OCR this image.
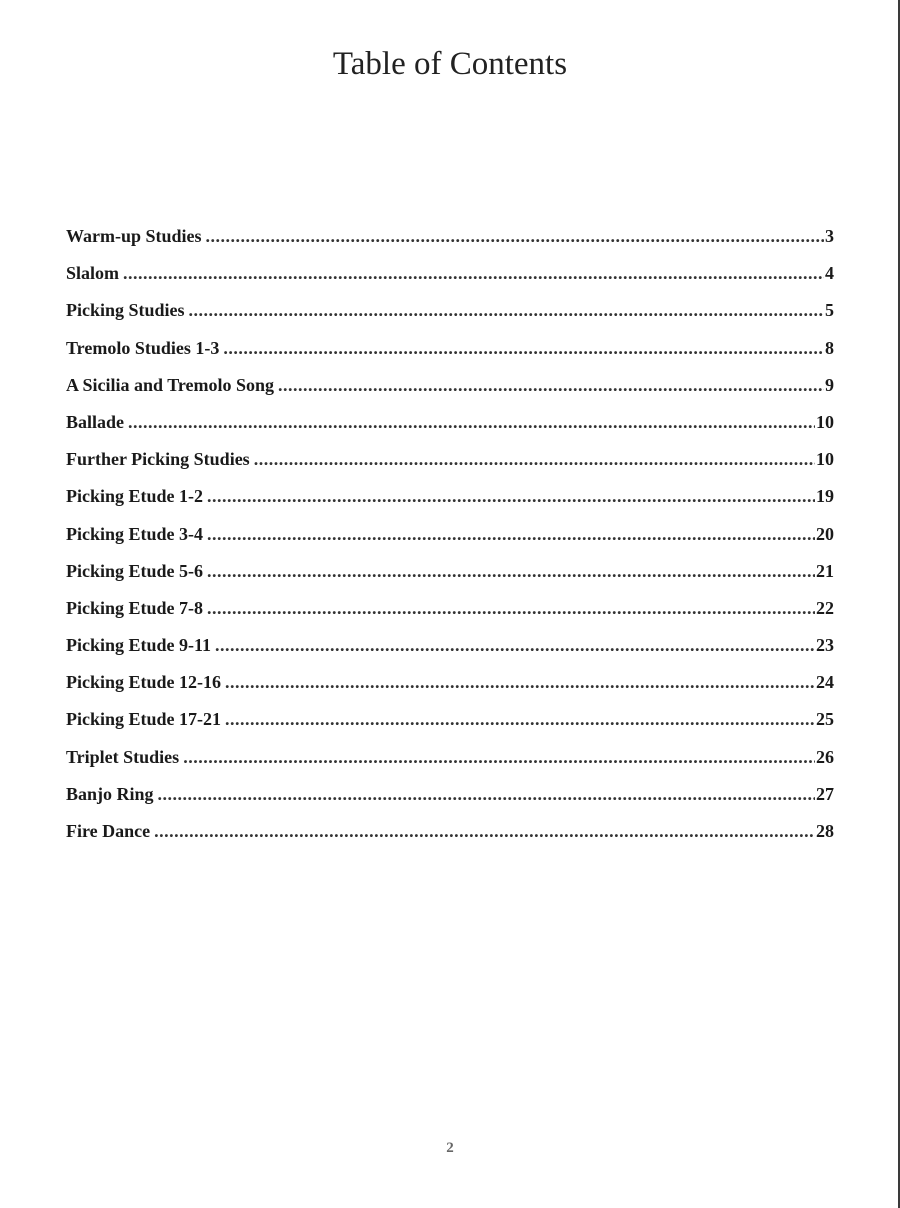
Table of Contents
Warm-up Studies .....	3
Slalom .....	4
Picking Studies .....	5
Tremolo Studies 1-3 .....	8
A Sicilia and Tremolo Song .....	9
Ballade .....	10
Further Picking Studies .....	10
Picking Etude 1-2 .....	19
Picking Etude 3-4 .....	20
Picking Etude 5-6 .....	21
Picking Etude 7-8 .....	22
Picking Etude 9-11 .....	23
Picking Etude 12-16 .....	24
Picking Etude 17-21 .....	25
Triplet Studies .....	26
Banjo Ring .....	27
Fire Dance .....	28
2
